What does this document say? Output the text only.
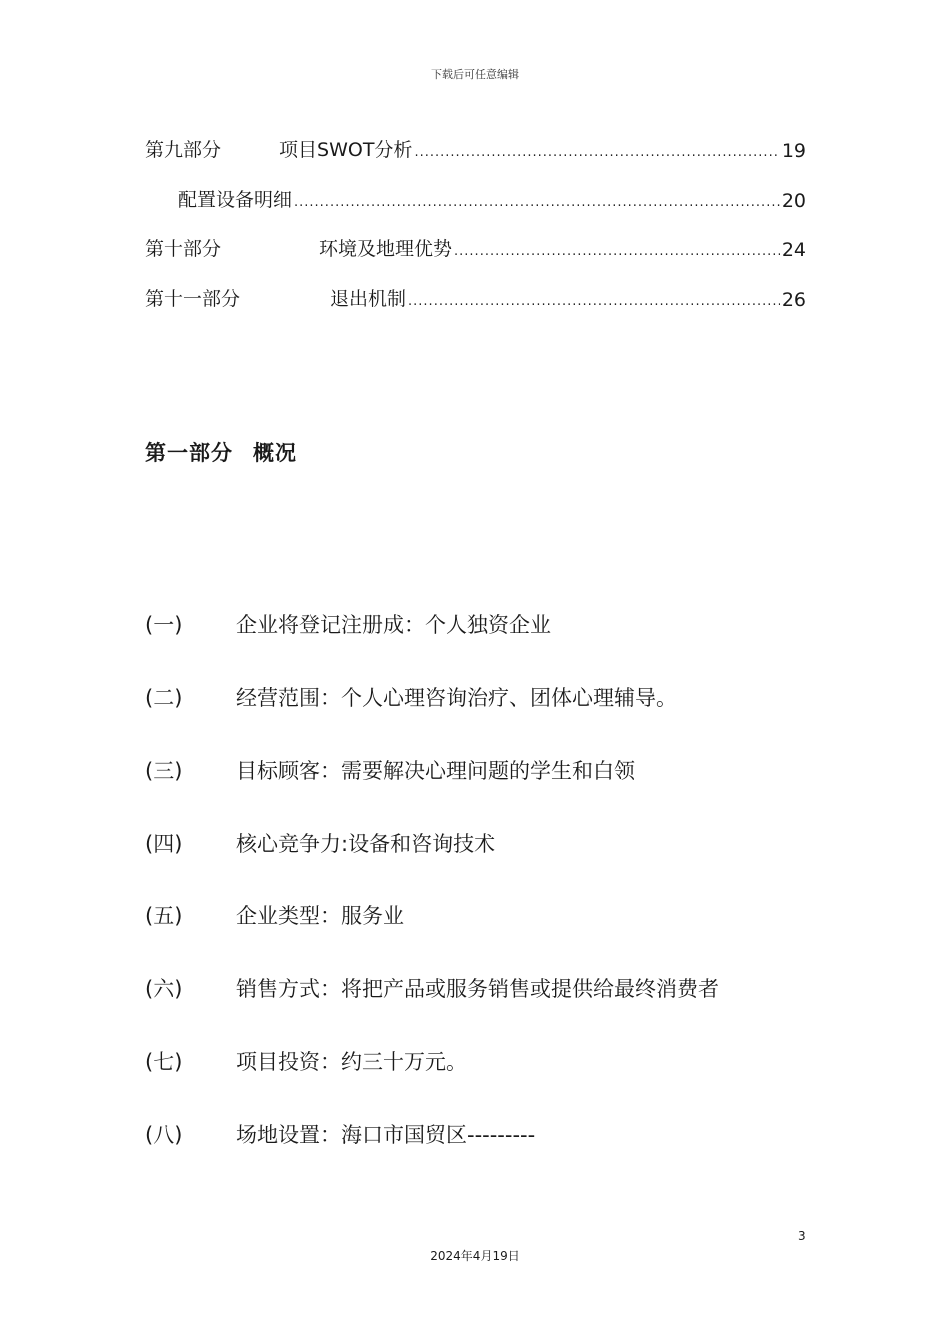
下载后可任意编辑
第九部分	项目SWOT分析 .....	19
配置设备明细 .....	20
第十部分	环境及地理优势 .....	24
第十一部分	退出机制 .....	26
第一部分 概况
(一)	企业将登记注册成：个人独资企业
(二)	经营范围：个人心理咨询治疗、团体心理辅导。
(三)	目标顾客：需要解决心理问题的学生和白领
(四)	核心竞争力:设备和咨询技术
(五)	企业类型：服务业
(六)	销售方式：将把产品或服务销售或提供给最终消费者
(七)	项目投资：约三十万元。
(八)	场地设置：海口市国贸区---------
3
2024年4月19日
